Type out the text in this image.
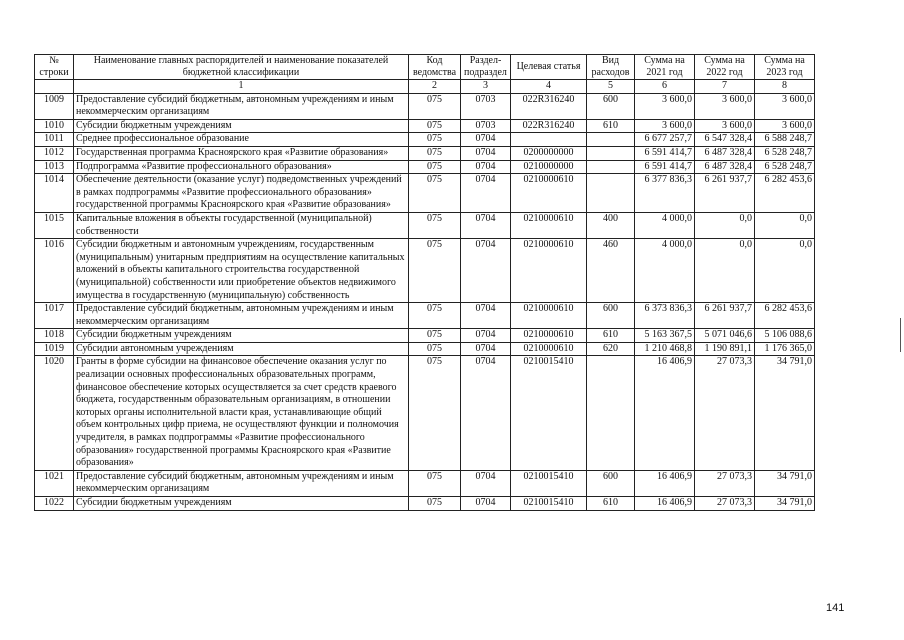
№ строки	Наименование главных распорядителей и наименование показателей бюджетной классификации	Код ведомства	Раздел-подраздел	Целевая статья	Вид расходов	Сумма на 2021 год	Сумма на 2022 год	Сумма на 2023 год
	1	2	3	4	5	6	7	8
1009	Предоставление субсидий бюджетным, автономным учреждениям и иным некоммерческим организациям	075	0703	022R316240	600	3 600,0	3 600,0	3 600,0
1010	Субсидии бюджетным учреждениям	075	0703	022R316240	610	3 600,0	3 600,0	3 600,0
1011	Среднее профессиональное образование	075	0704			6 677 257,7	6 547 328,4	6 588 248,7
1012	Государственная программа Красноярского края «Развитие образования»	075	0704	0200000000		6 591 414,7	6 487 328,4	6 528 248,7
1013	Подпрограмма «Развитие профессионального образования»	075	0704	0210000000		6 591 414,7	6 487 328,4	6 528 248,7
1014	Обеспечение деятельности (оказание услуг) подведомственных учреждений в рамках подпрограммы «Развитие профессионального образования» государственной программы Красноярского края «Развитие образования»	075	0704	0210000610		6 377 836,3	6 261 937,7	6 282 453,6
1015	Капитальные вложения в объекты государственной (муниципальной) собственности	075	0704	0210000610	400	4 000,0	0,0	0,0
1016	Субсидии бюджетным и автономным учреждениям, государственным (муниципальным) унитарным предприятиям на осуществление капитальных вложений в объекты капитального строительства государственной (муниципальной) собственности или приобретение объектов недвижимого имущества в государственную (муниципальную) собственность	075	0704	0210000610	460	4 000,0	0,0	0,0
1017	Предоставление субсидий бюджетным, автономным учреждениям и иным некоммерческим организациям	075	0704	0210000610	600	6 373 836,3	6 261 937,7	6 282 453,6
1018	Субсидии бюджетным учреждениям	075	0704	0210000610	610	5 163 367,5	5 071 046,6	5 106 088,6
1019	Субсидии автономным учреждениям	075	0704	0210000610	620	1 210 468,8	1 190 891,1	1 176 365,0
1020	Гранты в форме субсидии на финансовое обеспечение оказания услуг по реализации основных профессиональных образовательных программ, финансовое обеспечение которых осуществляется за счет средств краевого бюджета, государственным образовательным организациям, в отношении которых органы исполнительной власти края, устанавливающие общий объем контрольных цифр приема, не осуществляют функции и полномочия учредителя, в рамках подпрограммы «Развитие профессионального образования» государственной программы Красноярского края «Развитие образования»	075	0704	0210015410		16 406,9	27 073,3	34 791,0
1021	Предоставление субсидий бюджетным, автономным учреждениям и иным некоммерческим организациям	075	0704	0210015410	600	16 406,9	27 073,3	34 791,0
1022	Субсидии бюджетным учреждениям	075	0704	0210015410	610	16 406,9	27 073,3	34 791,0
141
